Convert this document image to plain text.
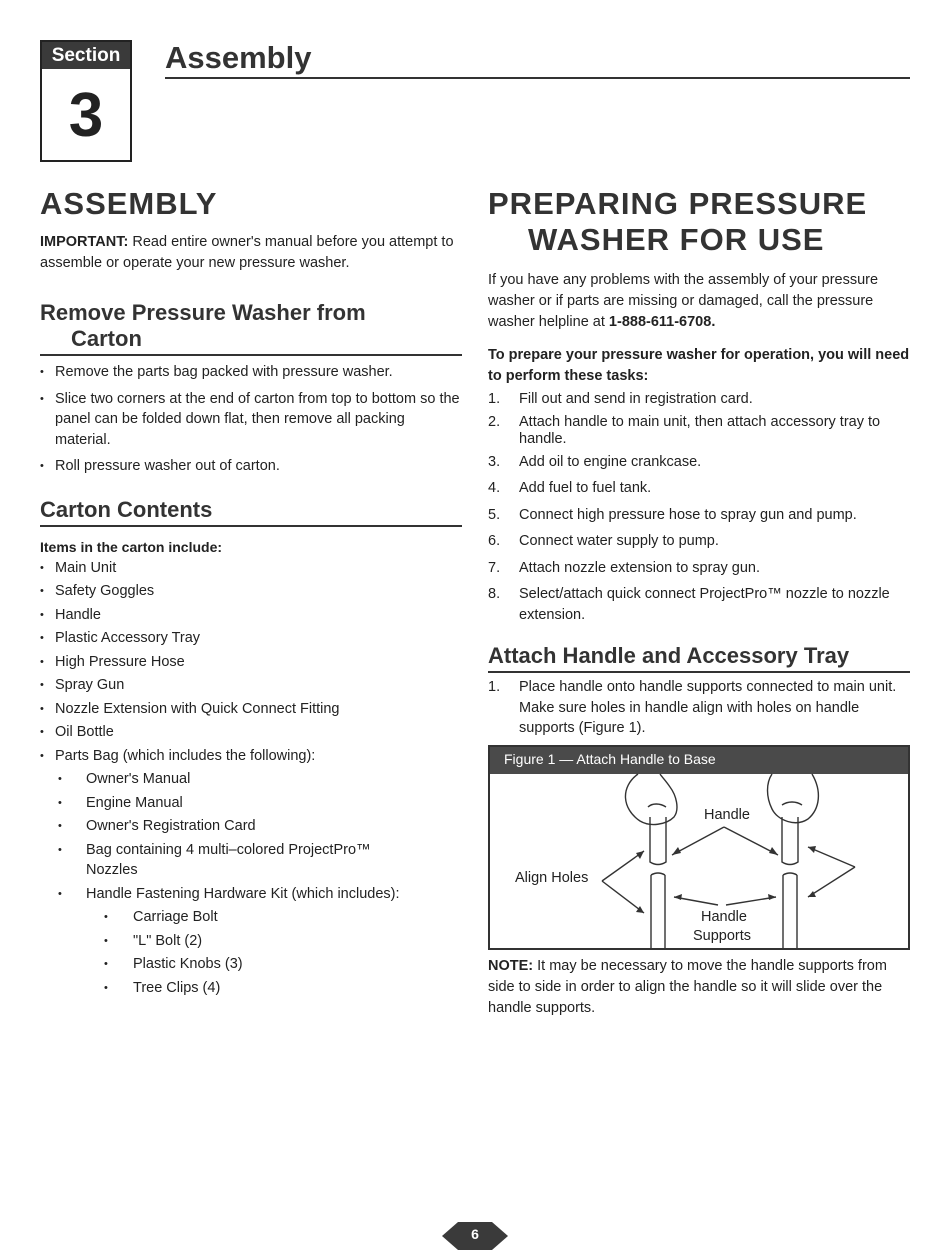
Section
3
Assembly
ASSEMBLY

IMPORTANT: Read entire owner's manual before you attempt to assemble or operate your new pressure washer.

Remove Pressure Washer from
Carton
• Remove the parts bag packed with pressure washer.
• Slice two corners at the end of carton from top to bottom so the panel can be folded down flat, then remove all packing material.
• Roll pressure washer out of carton.
Carton Contents

Items in the carton include:

• Main Unit
• Safety Goggles
• Handle
• Plastic Accessory Tray
• High Pressure Hose
• Spray Gun
• Nozzle Extension with Quick Connect Fitting
• Oil Bottle
• Parts Bag (which includes the following):
• Owner's Manual
• Engine Manual
• Owner's Registration Card
• Bag containing 4 multi–colored ProjectPro™ Nozzles
• Handle Fastening Hardware Kit (which includes):
• Carriage Bolt
• "L" Bolt (2)
• Plastic Knobs (3)
• Tree Clips (4)
PREPARING PRESSURE
WASHER FOR USE

If you have any problems with the assembly of your pressure washer or if parts are missing or damaged, call the pressure washer helpline at 1-888-611-6708.

To prepare your pressure washer for operation, you will need to perform these tasks:

1. Fill out and send in registration card.
2. Attach handle to main unit, then attach accessory tray to handle.
3. Add oil to engine crankcase.
4. Add fuel to fuel tank.
5. Connect high pressure hose to spray gun and pump.
6. Connect water supply to pump.
7. Attach nozzle extension to spray gun.
8. Select/attach quick connect ProjectPro™ nozzle to nozzle extension.
Attach Handle and Accessory Tray
1. Place handle onto handle supports connected to main unit. Make sure holes in handle align with holes on handle supports (Figure 1).
Figure 1 — Attach Handle to Base
Handle
Align Holes
Handle
Supports

NOTE: It may be necessary to move the handle supports from side to side in order to align the handle so it will slide over the handle supports.

6
